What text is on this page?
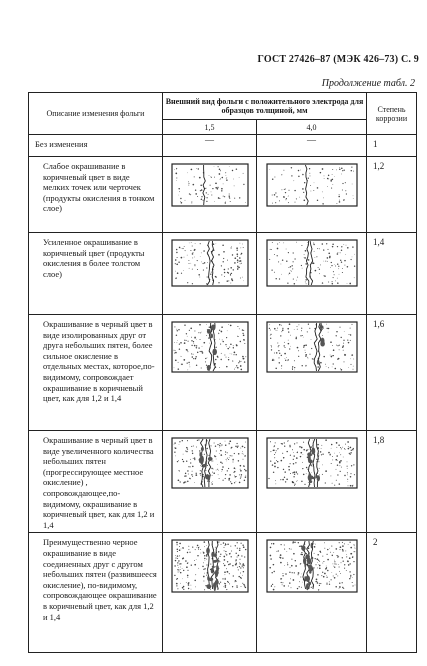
ГОСТ 27426–87 (МЭК 426–73) С. 9
Продолжение табл. 2
Описание изменения фольги	Внешний вид фольги с положительного электрода для образцов толщиной, мм		Степень коррозии
	1,5	4,0	

Без изменения	—	—	1

Слабое окрашивание в коричневый цвет в виде мелких точек или черточек (продукты окисления в тонком слое)			1,2

Усиленное окрашивание в коричневый цвет (продукты окисления в более толстом слое)			1,4

Окрашивание в черный цвет в виде изолированных друг от друга небольших пятен, более сильное окисление в отдельных местах, которое,по-видимому, сопровождает окрашивание в коричневый цвет, как для 1,2 и 1,4			1,6

Окрашивание в черный цвет в виде увеличенного количества небольших пятен (прогрессирующее местное окисление) , сопровождающее,по-видимому, окрашивание в коричневый цвет, как для 1,2 и 1,4			1,8

Преимущественно черное окрашивание в виде соединенных друг с другом небольших пятен (развившееся окисление), по-видимому, сопровождающее окрашивание в коричневый цвет, как для 1,2 и 1,4			2
